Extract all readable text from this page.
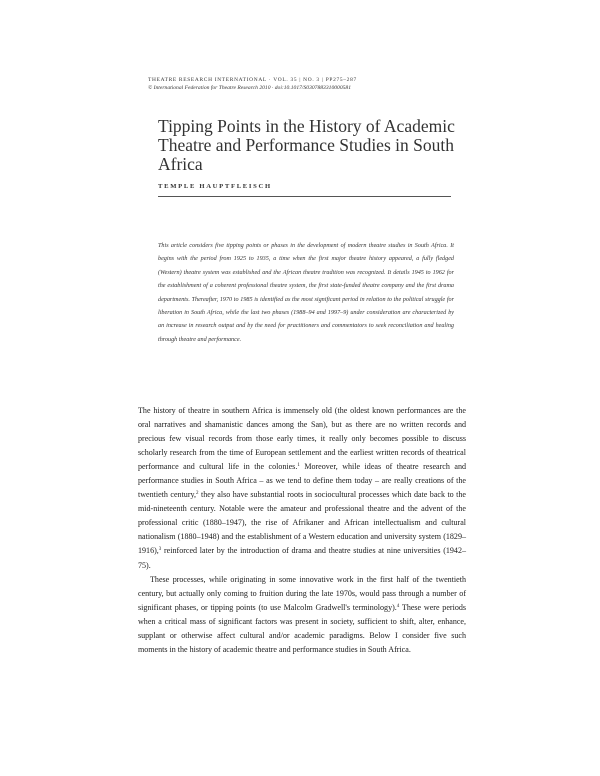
THEATRE RESEARCH INTERNATIONAL · VOL. 35 | NO. 3 | PP275–287
© International Federation for Theatre Research 2010 · doi:10.1017/S0307883310000581
Tipping Points in the History of Academic Theatre and Performance Studies in South Africa
TEMPLE HAUPTFLEISCH

This article considers five tipping points or phases in the development of modern theatre studies in South Africa. It begins with the period from 1925 to 1935, a time when the first major theatre history appeared, a fully fledged (Western) theatre system was established and the African theatre tradition was recognized. It details 1945 to 1962 for the establishment of a coherent professional theatre system, the first state-funded theatre company and the first drama departments. Thereafter, 1970 to 1985 is identified as the most significant period in relation to the political struggle for liberation in South Africa, while the last two phases (1988–94 and 1997–9) under consideration are characterized by an increase in research output and by the need for practitioners and commentators to seek reconciliation and healing through theatre and performance.

The history of theatre in southern Africa is immensely old (the oldest known performances are the oral narratives and shamanistic dances among the San), but as there are no written records and precious few visual records from those early times, it really only becomes possible to discuss scholarly research from the time of European settlement and the earliest written records of theatrical performance and cultural life in the colonies.$^1$ Moreover, while ideas of theatre research and performance studies in South Africa – as we tend to define them today – are really creations of the twentieth century,$^2$ they also have substantial roots in sociocultural processes which date back to the mid-nineteenth century. Notable were the amateur and professional theatre and the advent of the professional critic (1880–1947), the rise of Afrikaner and African intellectualism and cultural nationalism (1880–1948) and the establishment of a Western education and university system (1829–1916),$^3$ reinforced later by the introduction of drama and theatre studies at nine universities (1942–75).

These processes, while originating in some innovative work in the first half of the twentieth century, but actually only coming to fruition during the late 1970s, would pass through a number of significant phases, or tipping points (to use Malcolm Gradwell's terminology).$^4$ These were periods when a critical mass of significant factors was present in society, sufficient to shift, alter, enhance, supplant or otherwise affect cultural and/or academic paradigms. Below I consider five such moments in the history of academic theatre and performance studies in South Africa.
